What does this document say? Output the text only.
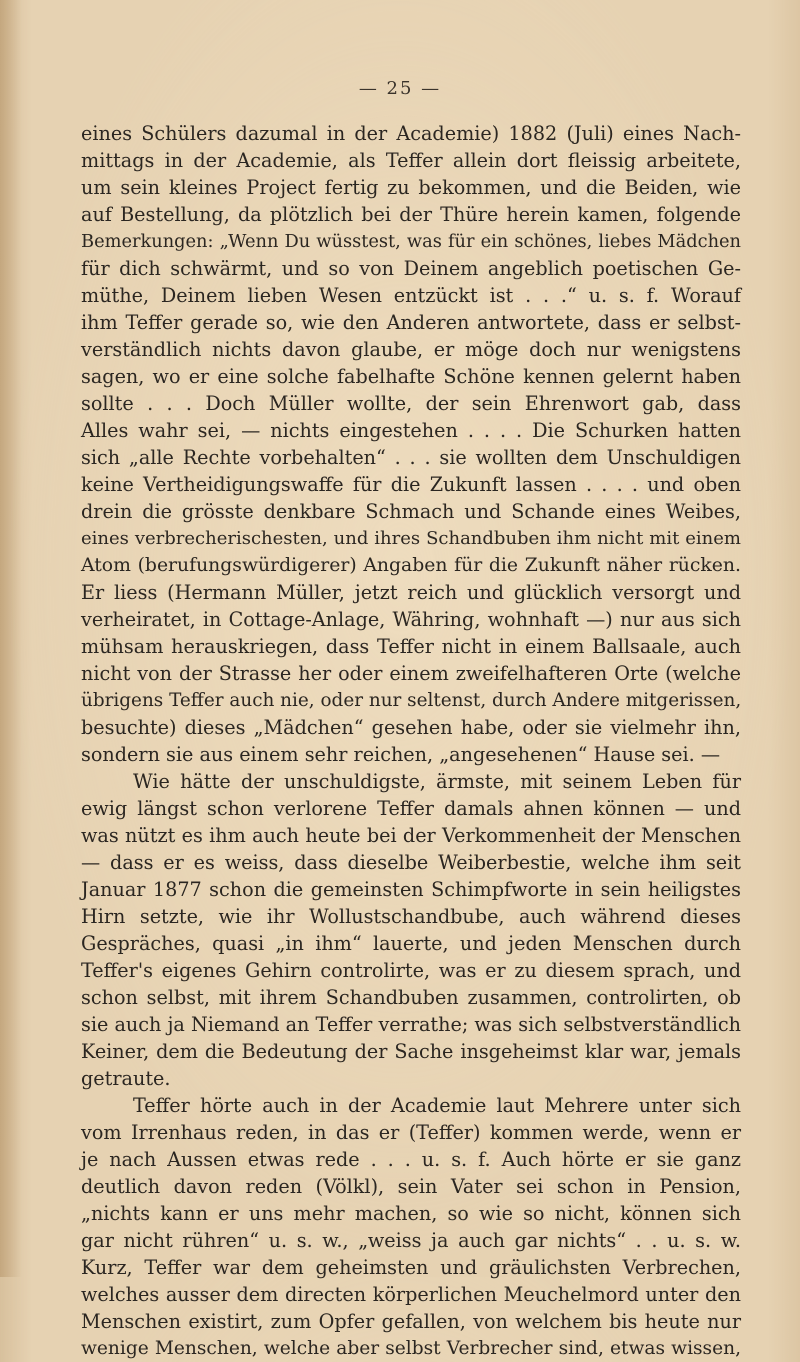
— 25 —
eines Schülers dazumal in der Academie) 1882 (Juli) eines Nach-
mittags in der Academie, als Teffer allein dort fleissig arbeitete,
um sein kleines Project fertig zu bekommen, und die Beiden, wie
auf Bestellung, da plötzlich bei der Thüre herein kamen, folgende
Bemerkungen: „Wenn Du wüsstest, was für ein schönes, liebes Mädchen
für dich schwärmt, und so von Deinem angeblich poetischen Ge-
müthe, Deinem lieben Wesen entzückt ist . . .“ u. s. f. Worauf
ihm Teffer gerade so, wie den Anderen antwortete, dass er selbst-
verständlich nichts davon glaube, er möge doch nur wenigstens
sagen, wo er eine solche fabelhafte Schöne kennen gelernt haben
sollte . . . Doch Müller wollte, der sein Ehrenwort gab, dass
Alles wahr sei, — nichts eingestehen . . . . Die Schurken hatten
sich „alle Rechte vorbehalten“ . . . sie wollten dem Unschuldigen
keine Vertheidigungswaffe für die Zukunft lassen . . . . und oben
drein die grösste denkbare Schmach und Schande eines Weibes,
eines verbrecherischesten, und ihres Schandbuben ihm nicht mit einem
Atom (berufungswürdigerer) Angaben für die Zukunft näher rücken.
Er liess (Hermann Müller, jetzt reich und glücklich versorgt und
verheiratet, in Cottage-Anlage, Währing, wohnhaft —) nur aus sich
mühsam herauskriegen, dass Teffer nicht in einem Ballsaale, auch
nicht von der Strasse her oder einem zweifelhafteren Orte (welche
übrigens Teffer auch nie, oder nur seltenst, durch Andere mitgerissen,
besuchte) dieses „Mädchen“ gesehen habe, oder sie vielmehr ihn,
sondern sie aus einem sehr reichen, „angesehenen“ Hause sei. —
Wie hätte der unschuldigste, ärmste, mit seinem Leben für
ewig längst schon verlorene Teffer damals ahnen können — und
was nützt es ihm auch heute bei der Verkommenheit der Menschen
— dass er es weiss, dass dieselbe Weiberbestie, welche ihm seit
Januar 1877 schon die gemeinsten Schimpfworte in sein heiligstes
Hirn setzte, wie ihr Wollustschandbube, auch während dieses
Gespräches, quasi „in ihm“ lauerte, und jeden Menschen durch
Teffer's eigenes Gehirn controlirte, was er zu diesem sprach, und
schon selbst, mit ihrem Schandbuben zusammen, controlirten, ob
sie auch ja Niemand an Teffer verrathe; was sich selbstverständlich
Keiner, dem die Bedeutung der Sache insgeheimst klar war, jemals
getraute.
Teffer hörte auch in der Academie laut Mehrere unter sich
vom Irrenhaus reden, in das er (Teffer) kommen werde, wenn er
je nach Aussen etwas rede . . . u. s. f. Auch hörte er sie ganz
deutlich davon reden (Völkl), sein Vater sei schon in Pension,
„nichts kann er uns mehr machen, so wie so nicht, können sich
gar nicht rühren“ u. s. w., „weiss ja auch gar nichts“ . . u. s. w.
Kurz, Teffer war dem geheimsten und gräulichsten Verbrechen,
welches ausser dem directen körperlichen Meuchelmord unter den
Menschen existirt, zum Opfer gefallen, von welchem bis heute nur
wenige Menschen, welche aber selbst Verbrecher sind, etwas wissen,
